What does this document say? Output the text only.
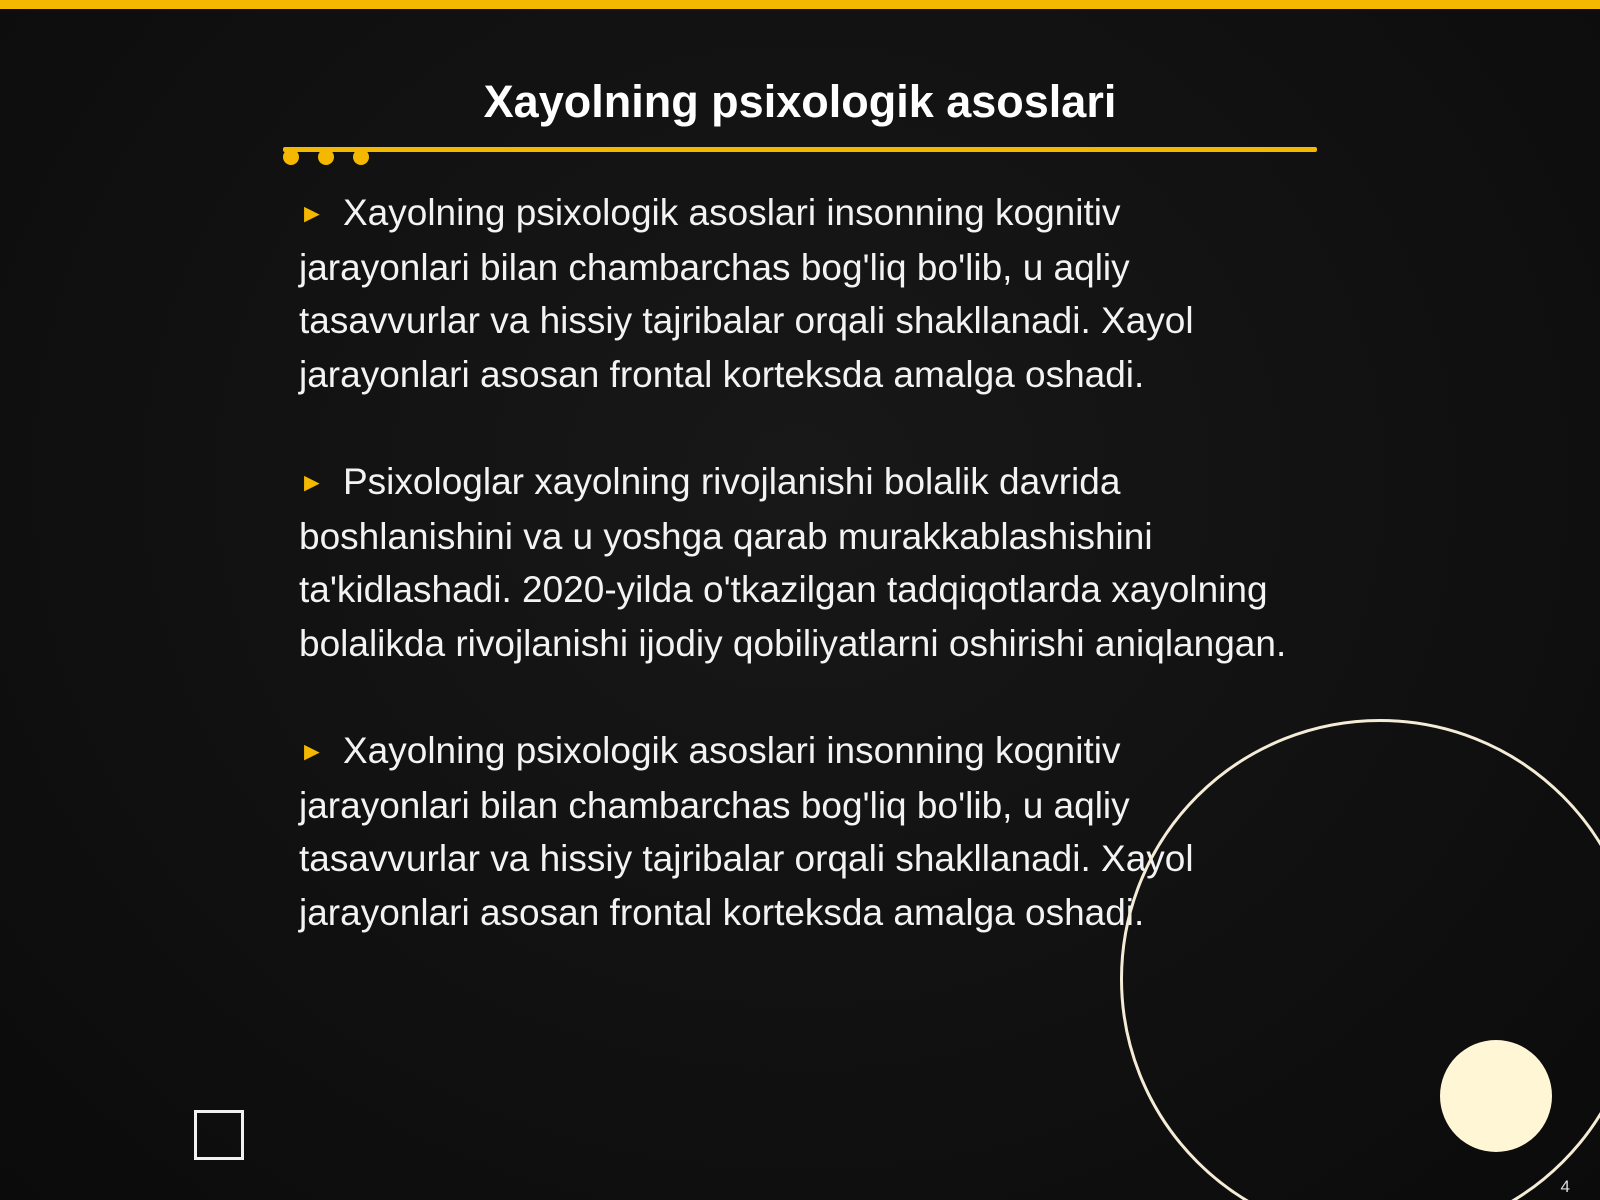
Xayolning psixologik asoslari

► Xayolning psixologik asoslari insonning kognitiv jarayonlari bilan chambarchas bog'liq bo'lib, u aqliy tasavvurlar va hissiy tajribalar orqali shakllanadi. Xayol jarayonlari asosan frontal korteksda amalga oshadi.

► Psixologlar xayolning rivojlanishi bolalik davrida boshlanishini va u yoshga qarab murakkablashishini ta'kidlashadi. 2020-yilda o'tkazilgan tadqiqotlarda xayolning bolalikda rivojlanishi ijodiy qobiliyatlarni oshirishi aniqlangan.

► Xayolning psixologik asoslari insonning kognitiv jarayonlari bilan chambarchas bog'liq bo'lib, u aqliy tasavvurlar va hissiy tajribalar orqali shakllanadi. Xayol jarayonlari asosan frontal korteksda amalga oshadi.

4
